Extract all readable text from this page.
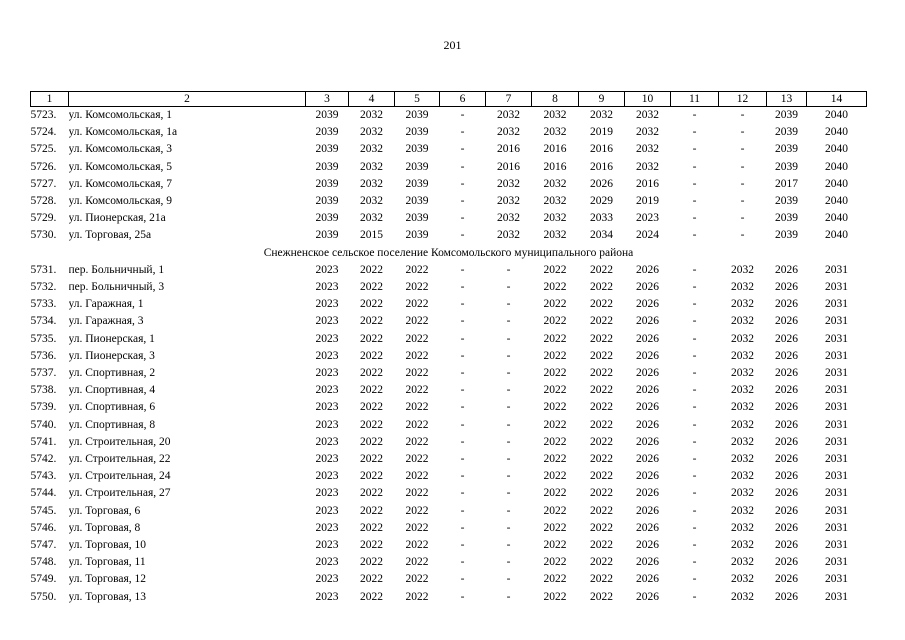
201
1	2	3	4	5	6	7	8	9	10	11	12	13	14
5723.	ул. Комсомольская, 1	2039	2032	2039	-	2032	2032	2032	2032	-	-	2039	2040
5724.	ул. Комсомольская, 1а	2039	2032	2039	-	2032	2032	2019	2032	-	-	2039	2040
5725.	ул. Комсомольская, 3	2039	2032	2039	-	2016	2016	2016	2032	-	-	2039	2040
5726.	ул. Комсомольская, 5	2039	2032	2039	-	2016	2016	2016	2032	-	-	2039	2040
5727.	ул. Комсомольская, 7	2039	2032	2039	-	2032	2032	2026	2016	-	-	2017	2040
5728.	ул. Комсомольская, 9	2039	2032	2039	-	2032	2032	2029	2019	-	-	2039	2040
5729.	ул. Пионерская, 21а	2039	2032	2039	-	2032	2032	2033	2023	-	-	2039	2040
5730.	ул. Торговая, 25а	2039	2015	2039	-	2032	2032	2034	2024	-	-	2039	2040
Снежненское сельское поселение Комсомольского муниципального района													
5731.	пер. Больничный, 1	2023	2022	2022	-	-	2022	2022	2026	-	2032	2026	2031
5732.	пер. Больничный, 3	2023	2022	2022	-	-	2022	2022	2026	-	2032	2026	2031
5733.	ул. Гаражная, 1	2023	2022	2022	-	-	2022	2022	2026	-	2032	2026	2031
5734.	ул. Гаражная, 3	2023	2022	2022	-	-	2022	2022	2026	-	2032	2026	2031
5735.	ул. Пионерская, 1	2023	2022	2022	-	-	2022	2022	2026	-	2032	2026	2031
5736.	ул. Пионерская, 3	2023	2022	2022	-	-	2022	2022	2026	-	2032	2026	2031
5737.	ул. Спортивная, 2	2023	2022	2022	-	-	2022	2022	2026	-	2032	2026	2031
5738.	ул. Спортивная, 4	2023	2022	2022	-	-	2022	2022	2026	-	2032	2026	2031
5739.	ул. Спортивная, 6	2023	2022	2022	-	-	2022	2022	2026	-	2032	2026	2031
5740.	ул. Спортивная, 8	2023	2022	2022	-	-	2022	2022	2026	-	2032	2026	2031
5741.	ул. Строительная, 20	2023	2022	2022	-	-	2022	2022	2026	-	2032	2026	2031
5742.	ул. Строительная, 22	2023	2022	2022	-	-	2022	2022	2026	-	2032	2026	2031
5743.	ул. Строительная, 24	2023	2022	2022	-	-	2022	2022	2026	-	2032	2026	2031
5744.	ул. Строительная, 27	2023	2022	2022	-	-	2022	2022	2026	-	2032	2026	2031
5745.	ул. Торговая, 6	2023	2022	2022	-	-	2022	2022	2026	-	2032	2026	2031
5746.	ул. Торговая, 8	2023	2022	2022	-	-	2022	2022	2026	-	2032	2026	2031
5747.	ул. Торговая, 10	2023	2022	2022	-	-	2022	2022	2026	-	2032	2026	2031
5748.	ул. Торговая, 11	2023	2022	2022	-	-	2022	2022	2026	-	2032	2026	2031
5749.	ул. Торговая, 12	2023	2022	2022	-	-	2022	2022	2026	-	2032	2026	2031
5750.	ул. Торговая, 13	2023	2022	2022	-	-	2022	2022	2026	-	2032	2026	2031
